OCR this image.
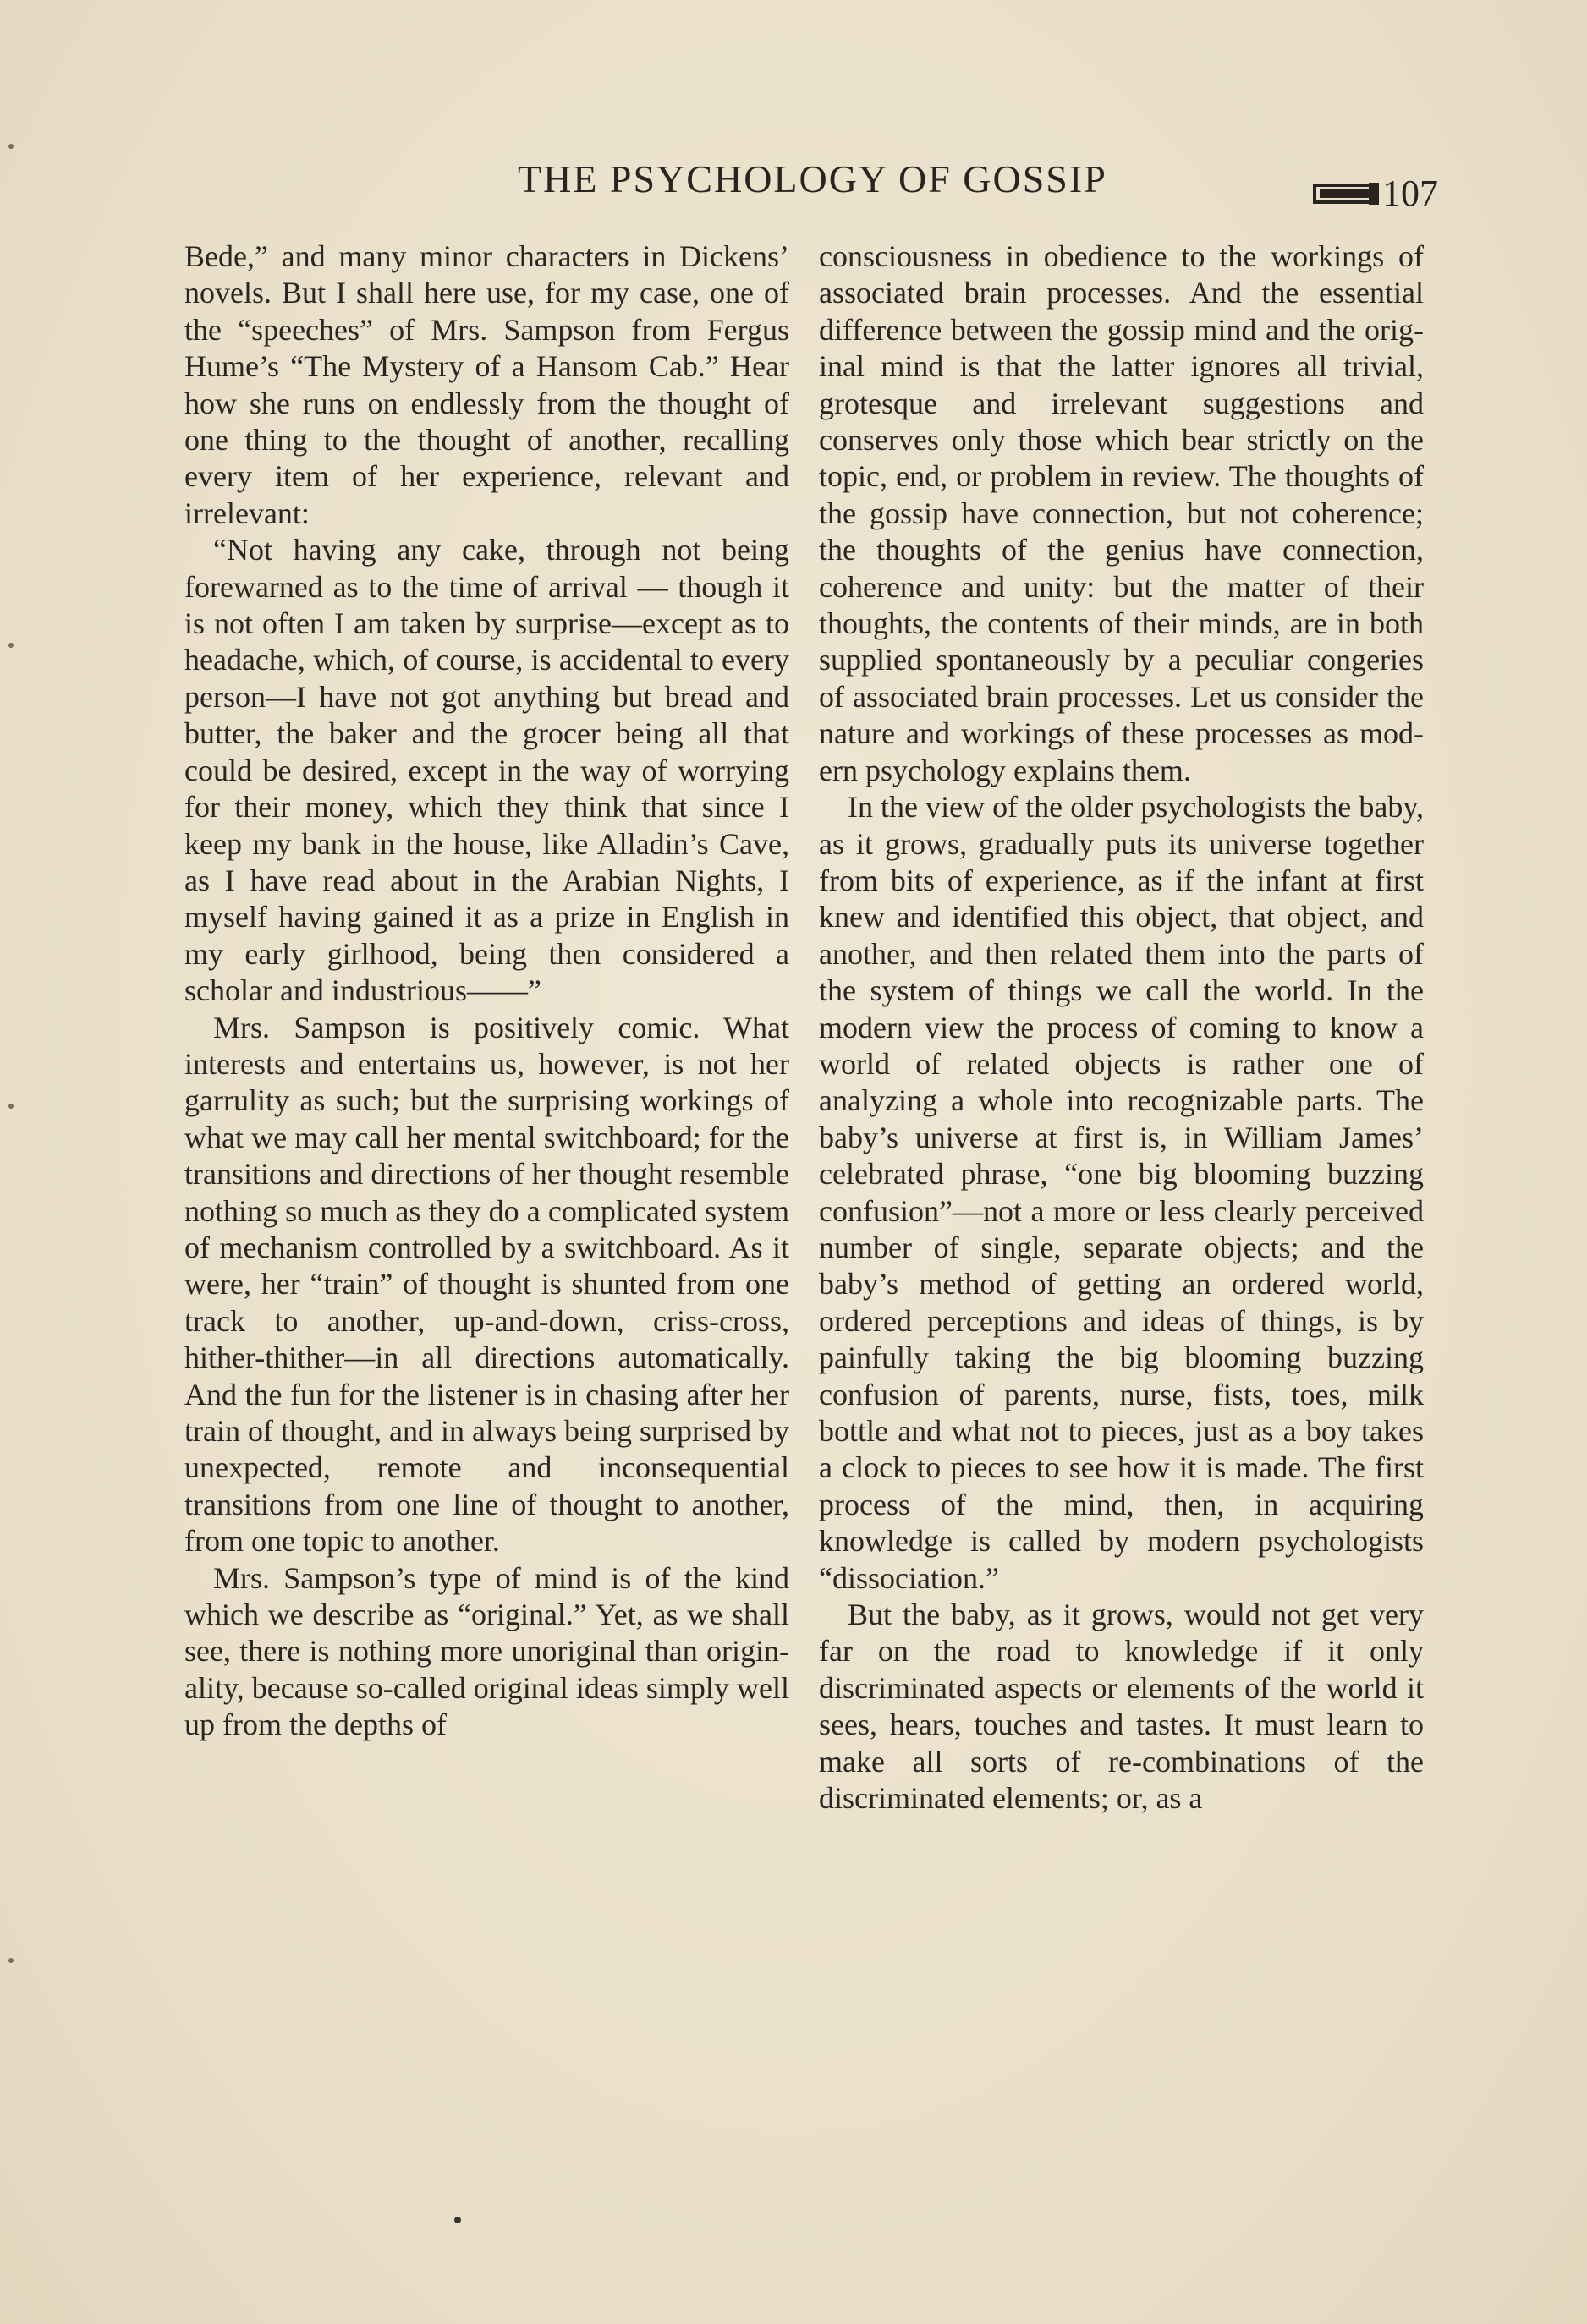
THE PSYCHOLOGY OF GOSSIP	107

Bede,” and many minor characters in Dickens’ novels. But I shall here use, for my case, one of the “speeches” of Mrs. Sampson from Fergus Hume’s “The Mystery of a Hansom Cab.” Hear how she runs on endlessly from the thought of one thing to the thought of another, recalling every item of her experience, relevant and irrelevant:

“Not having any cake, through not being forewarned as to the time of arrival — though it is not often I am taken by surprise—except as to headache, which, of course, is accidental to every person—I have not got anything but bread and butter, the baker and the grocer being all that could be desired, except in the way of worrying for their money, which they think that since I keep my bank in the house, like Alladin’s Cave, as I have read about in the Arabian Nights, I myself having gained it as a prize in English in my early girlhood, being then considered a scholar and industrious——”

Mrs. Sampson is positively comic. What interests and entertains us, however, is not her garrulity as such; but the surprising workings of what we may call her mental switchboard; for the transitions and directions of her thought resemble nothing so much as they do a complicated system of mechanism controlled by a switchboard. As it were, her “train” of thought is shunted from one track to another, up-and-down, criss-cross, hither-thither—in all directions automatically. And the fun for the listener is in chasing after her train of thought, and in always being surprised by unexpected, remote and inconsequential transitions from one line of thought to another, from one topic to another.

Mrs. Sampson’s type of mind is of the kind which we describe as “original.” Yet, as we shall see, there is nothing more unoriginal than originality, because so-called original ideas simply well up from the depths of

consciousness in obedience to the workings of associated brain processes. And the essential difference between the gossip mind and the original mind is that the latter ignores all trivial, grotesque and irrelevant suggestions and conserves only those which bear strictly on the topic, end, or problem in review. The thoughts of the gossip have connection, but not coherence; the thoughts of the genius have connection, coherence and unity: but the matter of their thoughts, the contents of their minds, are in both supplied spontaneously by a peculiar congeries of associated brain processes. Let us consider the nature and workings of these processes as modern psychology explains them.

In the view of the older psychologists the baby, as it grows, gradually puts its universe together from bits of experience, as if the infant at first knew and identified this object, that object, and another, and then related them into the parts of the system of things we call the world. In the modern view the process of coming to know a world of related objects is rather one of analyzing a whole into recognizable parts. The baby’s universe at first is, in William James’ celebrated phrase, “one big blooming buzzing confusion”—not a more or less clearly perceived number of single, separate objects; and the baby’s method of getting an ordered world, ordered perceptions and ideas of things, is by painfully taking the big blooming buzzing confusion of parents, nurse, fists, toes, milk bottle and what not to pieces, just as a boy takes a clock to pieces to see how it is made. The first process of the mind, then, in acquiring knowledge is called by modern psychologists “dissociation.”

But the baby, as it grows, would not get very far on the road to knowledge if it only discriminated aspects or elements of the world it sees, hears, touches and tastes. It must learn to make all sorts of re-combinations of the discriminated elements; or, as a
